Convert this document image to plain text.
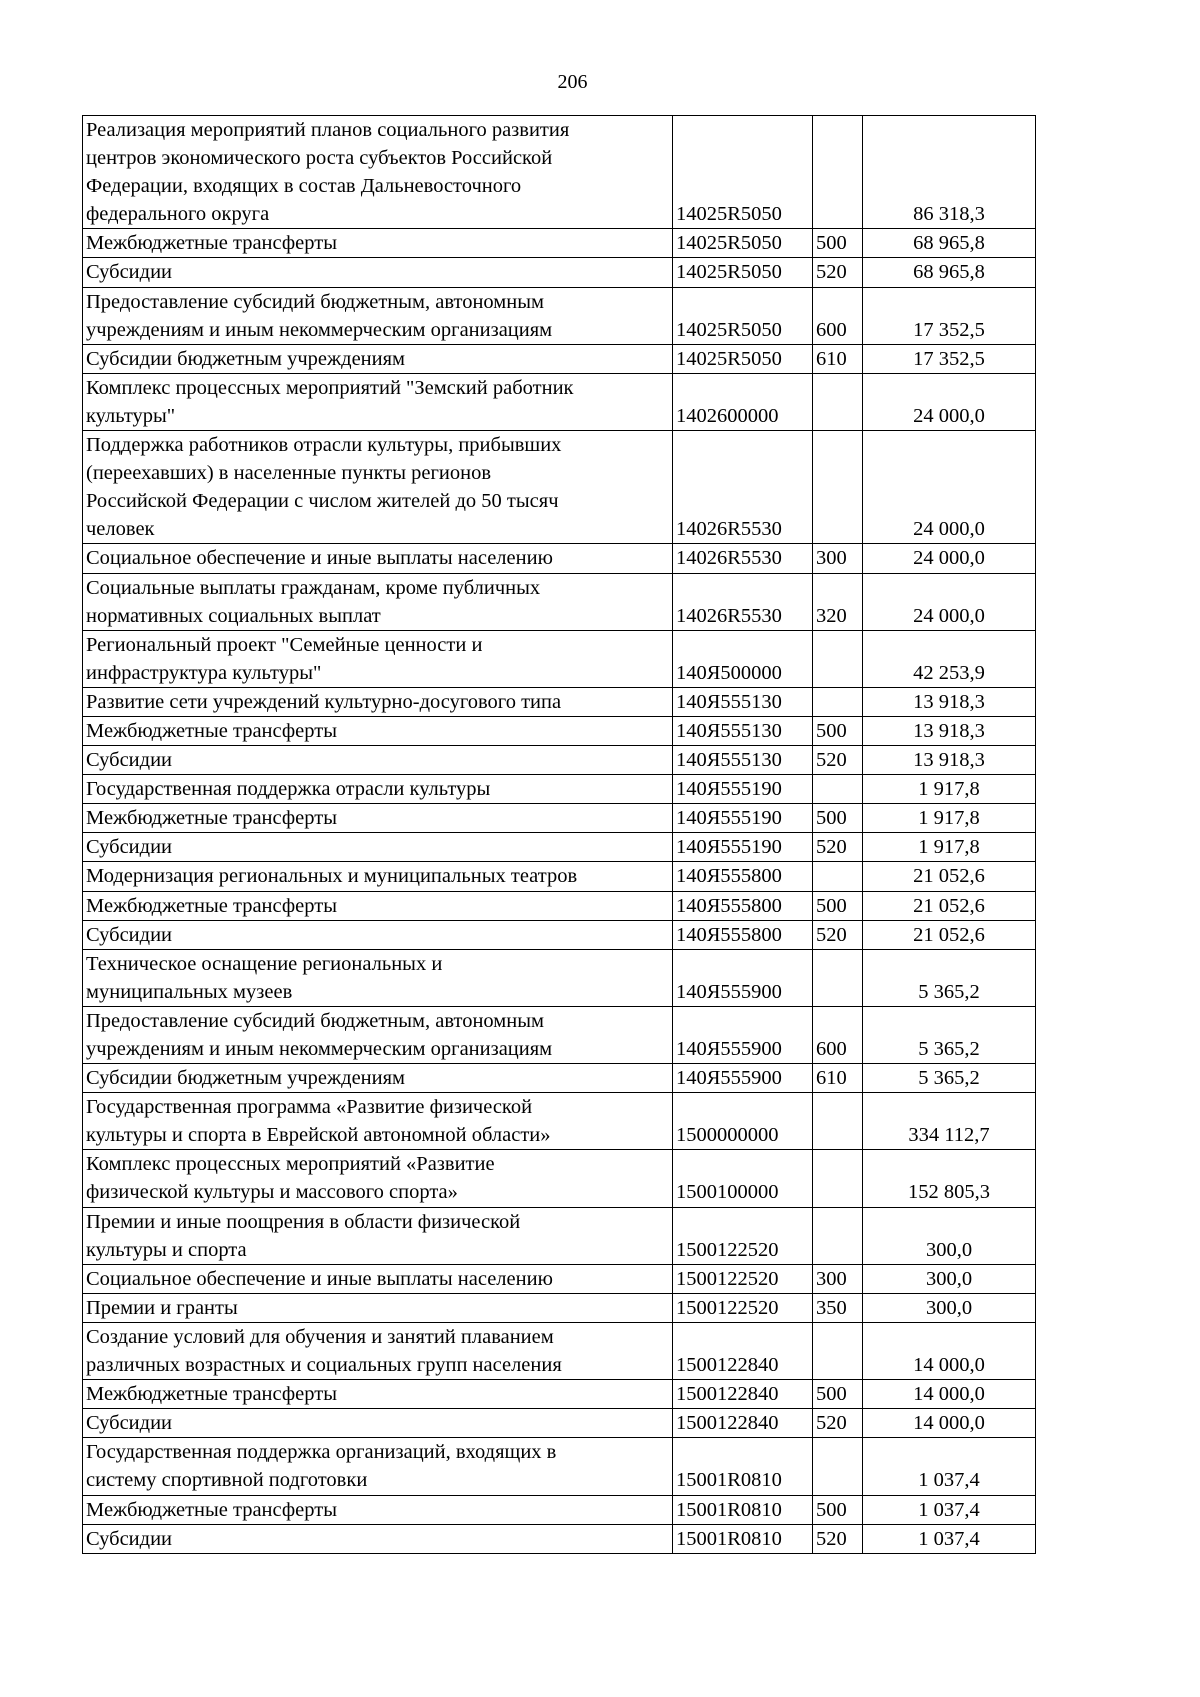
206
Реализация мероприятий планов социального развития
центров экономического роста субъектов Российской
Федерации, входящих в состав Дальневосточного
федерального округа	14025R5050		86 318,3
Межбюджетные трансферты	14025R5050	500	68 965,8
Субсидии	14025R5050	520	68 965,8
Предоставление субсидий бюджетным, автономным
учреждениям и иным некоммерческим организациям	14025R5050	600	17 352,5
Субсидии бюджетным учреждениям	14025R5050	610	17 352,5
Комплекс процессных мероприятий "Земский работник
культуры"	1402600000		24 000,0
Поддержка работников отрасли культуры, прибывших
(переехавших) в населенные пункты регионов
Российской Федерации с числом жителей до 50 тысяч
человек	14026R5530		24 000,0
Социальное обеспечение и иные выплаты населению	14026R5530	300	24 000,0
Социальные выплаты гражданам, кроме публичных
нормативных социальных выплат	14026R5530	320	24 000,0
Региональный проект "Семейные ценности и
инфраструктура культуры"	140Я500000		42 253,9
Развитие сети учреждений культурно-досугового типа	140Я555130		13 918,3
Межбюджетные трансферты	140Я555130	500	13 918,3
Субсидии	140Я555130	520	13 918,3
Государственная поддержка отрасли культуры	140Я555190		1 917,8
Межбюджетные трансферты	140Я555190	500	1 917,8
Субсидии	140Я555190	520	1 917,8
Модернизация региональных и муниципальных театров	140Я555800		21 052,6
Межбюджетные трансферты	140Я555800	500	21 052,6
Субсидии	140Я555800	520	21 052,6
Техническое оснащение региональных и
муниципальных музеев	140Я555900		5 365,2
Предоставление субсидий бюджетным, автономным
учреждениям и иным некоммерческим организациям	140Я555900	600	5 365,2
Субсидии бюджетным учреждениям	140Я555900	610	5 365,2
Государственная программа «Развитие физической
культуры и спорта в Еврейской автономной области»	1500000000		334 112,7
Комплекс процессных мероприятий «Развитие
физической культуры и массового спорта»	1500100000		152 805,3
Премии и иные поощрения в области физической
культуры и спорта	1500122520		300,0
Социальное обеспечение и иные выплаты населению	1500122520	300	300,0
Премии и гранты	1500122520	350	300,0
Создание условий для обучения и занятий плаванием
различных возрастных и социальных групп населения	1500122840		14 000,0
Межбюджетные трансферты	1500122840	500	14 000,0
Субсидии	1500122840	520	14 000,0
Государственная поддержка организаций, входящих в
систему спортивной подготовки	15001R0810		1 037,4
Межбюджетные трансферты	15001R0810	500	1 037,4
Субсидии	15001R0810	520	1 037,4
